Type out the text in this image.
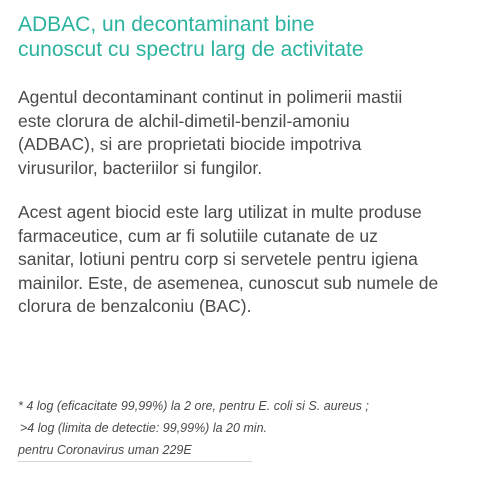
ADBAC, un decontaminant bine
cunoscut cu spectru larg de activitate
Agentul decontaminant continut in polimerii mastii
este clorura de alchil-dimetil-benzil-amoniu
(ADBAC), si are proprietati biocide impotriva
virusurilor, bacteriilor si fungilor.
Acest agent biocid este larg utilizat in multe produse
farmaceutice, cum ar fi solutiile cutanate de uz
sanitar, lotiuni pentru corp si servetele pentru igiena
mainilor. Este, de asemenea, cunoscut sub numele de
clorura de benzalconiu (BAC).
* 4 log (eficacitate 99,99%) la 2 ore, pentru E. coli si S. aureus ;
>4 log (limita de detectie: 99,99%) la 20 min.
pentru Coronavirus uman 229E
